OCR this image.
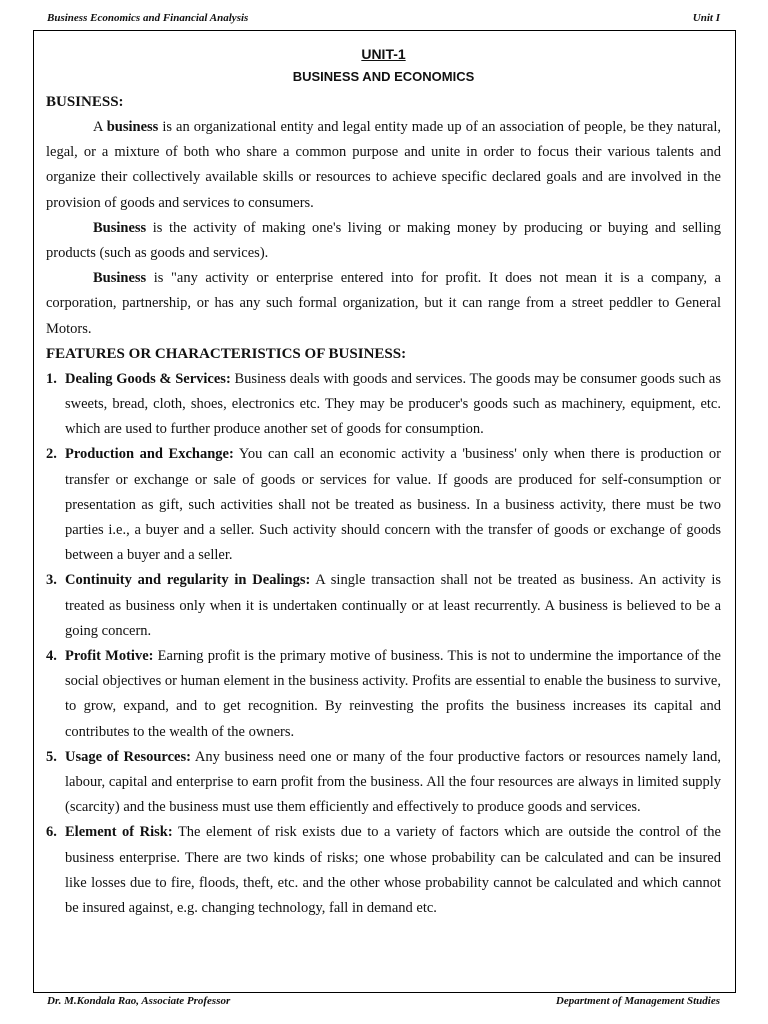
Business Economics and Financial Analysis	Unit I
UNIT-1
BUSINESS AND ECONOMICS
BUSINESS:

A business is an organizational entity and legal entity made up of an association of people, be they natural, legal, or a mixture of both who share a common purpose and unite in order to focus their various talents and organize their collectively available skills or resources to achieve specific declared goals and are involved in the provision of goods and services to consumers.

Business is the activity of making one's living or making money by producing or buying and selling products (such as goods and services).

Business is "any activity or enterprise entered into for profit. It does not mean it is a company, a corporation, partnership, or has any such formal organization, but it can range from a street peddler to General Motors.

FEATURES OR CHARACTERISTICS OF BUSINESS:
1. Dealing Goods & Services: Business deals with goods and services. The goods may be consumer goods such as sweets, bread, cloth, shoes, electronics etc. They may be producer's goods such as machinery, equipment, etc. which are used to further produce another set of goods for consumption.
2. Production and Exchange: You can call an economic activity a 'business' only when there is production or transfer or exchange or sale of goods or services for value. If goods are produced for self-consumption or presentation as gift, such activities shall not be treated as business. In a business activity, there must be two parties i.e., a buyer and a seller. Such activity should concern with the transfer of goods or exchange of goods between a buyer and a seller.
3. Continuity and regularity in Dealings: A single transaction shall not be treated as business. An activity is treated as business only when it is undertaken continually or at least recurrently. A business is believed to be a going concern.
4. Profit Motive: Earning profit is the primary motive of business. This is not to undermine the importance of the social objectives or human element in the business activity. Profits are essential to enable the business to survive, to grow, expand, and to get recognition. By reinvesting the profits the business increases its capital and contributes to the wealth of the owners.
5. Usage of Resources: Any business need one or many of the four productive factors or resources namely land, labour, capital and enterprise to earn profit from the business. All the four resources are always in limited supply (scarcity) and the business must use them efficiently and effectively to produce goods and services.
6. Element of Risk: The element of risk exists due to a variety of factors which are outside the control of the business enterprise. There are two kinds of risks; one whose probability can be calculated and can be insured like losses due to fire, floods, theft, etc. and the other whose probability cannot be calculated and which cannot be insured against, e.g. changing technology, fall in demand etc.
Dr. M.Kondala Rao, Associate Professor	Department of Management Studies
